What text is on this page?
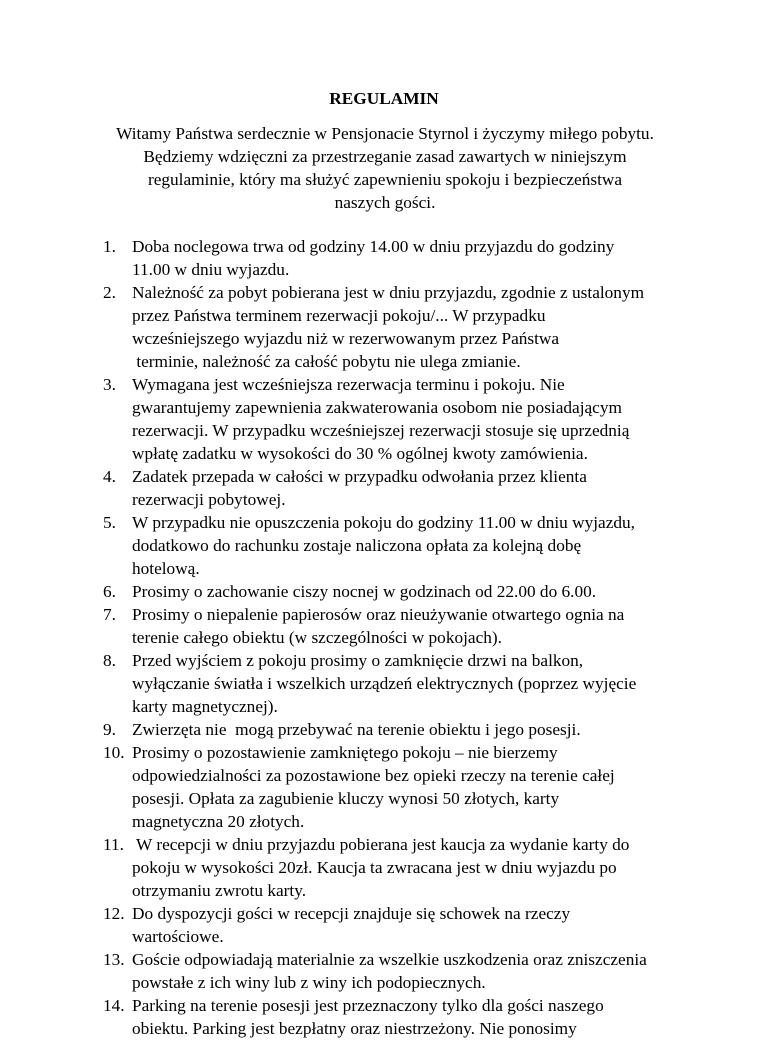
REGULAMIN
Witamy Państwa serdecznie w Pensjonacie Styrnol i życzymy miłego pobytu.
Będziemy wdzięczni za przestrzeganie zasad zawartych w niniejszym
regulaminie, który ma służyć zapewnieniu spokoju i bezpieczeństwa
naszych gości.
1. Doba noclegowa trwa od godziny 14.00 w dniu przyjazdu do godziny
11.00 w dniu wyjazdu.
2. Należność za pobyt pobierana jest w dniu przyjazdu, zgodnie z ustalonym
przez Państwa terminem rezerwacji pokoju/... W przypadku
wcześniejszego wyjazdu niż w rezerwowanym przez Państwa
terminie, należność za całość pobytu nie ulega zmianie.
3. Wymagana jest wcześniejsza rezerwacja terminu i pokoju. Nie
gwarantujemy zapewnienia zakwaterowania osobom nie posiadającym
rezerwacji. W przypadku wcześniejszej rezerwacji stosuje się uprzednią
wpłatę zadatku w wysokości do 30 % ogólnej kwoty zamówienia.
4. Zadatek przepada w całości w przypadku odwołania przez klienta
rezerwacji pobytowej.
5. W przypadku nie opuszczenia pokoju do godziny 11.00 w dniu wyjazdu,
dodatkowo do rachunku zostaje naliczona opłata za kolejną dobę
hotelową.
6. Prosimy o zachowanie ciszy nocnej w godzinach od 22.00 do 6.00.
7. Prosimy o niepalenie papierosów oraz nieużywanie otwartego ognia na
terenie całego obiektu (w szczególności w pokojach).
8. Przed wyjściem z pokoju prosimy o zamknięcie drzwi na balkon,
wyłączanie światła i wszelkich urządzeń elektrycznych (poprzez wyjęcie
karty magnetycznej).
9. Zwierzęta nie  mogą przebywać na terenie obiektu i jego posesji.
10. Prosimy o pozostawienie zamkniętego pokoju – nie bierzemy
odpowiedzialności za pozostawione bez opieki rzeczy na terenie całej
posesji. Opłata za zagubienie kluczy wynosi 50 złotych, karty
magnetyczna 20 złotych.
11. W recepcji w dniu przyjazdu pobierana jest kaucja za wydanie karty do
pokoju w wysokości 20zł. Kaucja ta zwracana jest w dniu wyjazdu po
otrzymaniu zwrotu karty.
12. Do dyspozycji gości w recepcji znajduje się schowek na rzeczy
wartościowe.
13. Goście odpowiadają materialnie za wszelkie uszkodzenia oraz zniszczenia
powstałe z ich winy lub z winy ich podopiecznych.
14. Parking na terenie posesji jest przeznaczony tylko dla gości naszego
obiektu. Parking jest bezpłatny oraz niestrzeżony. Nie ponosimy
